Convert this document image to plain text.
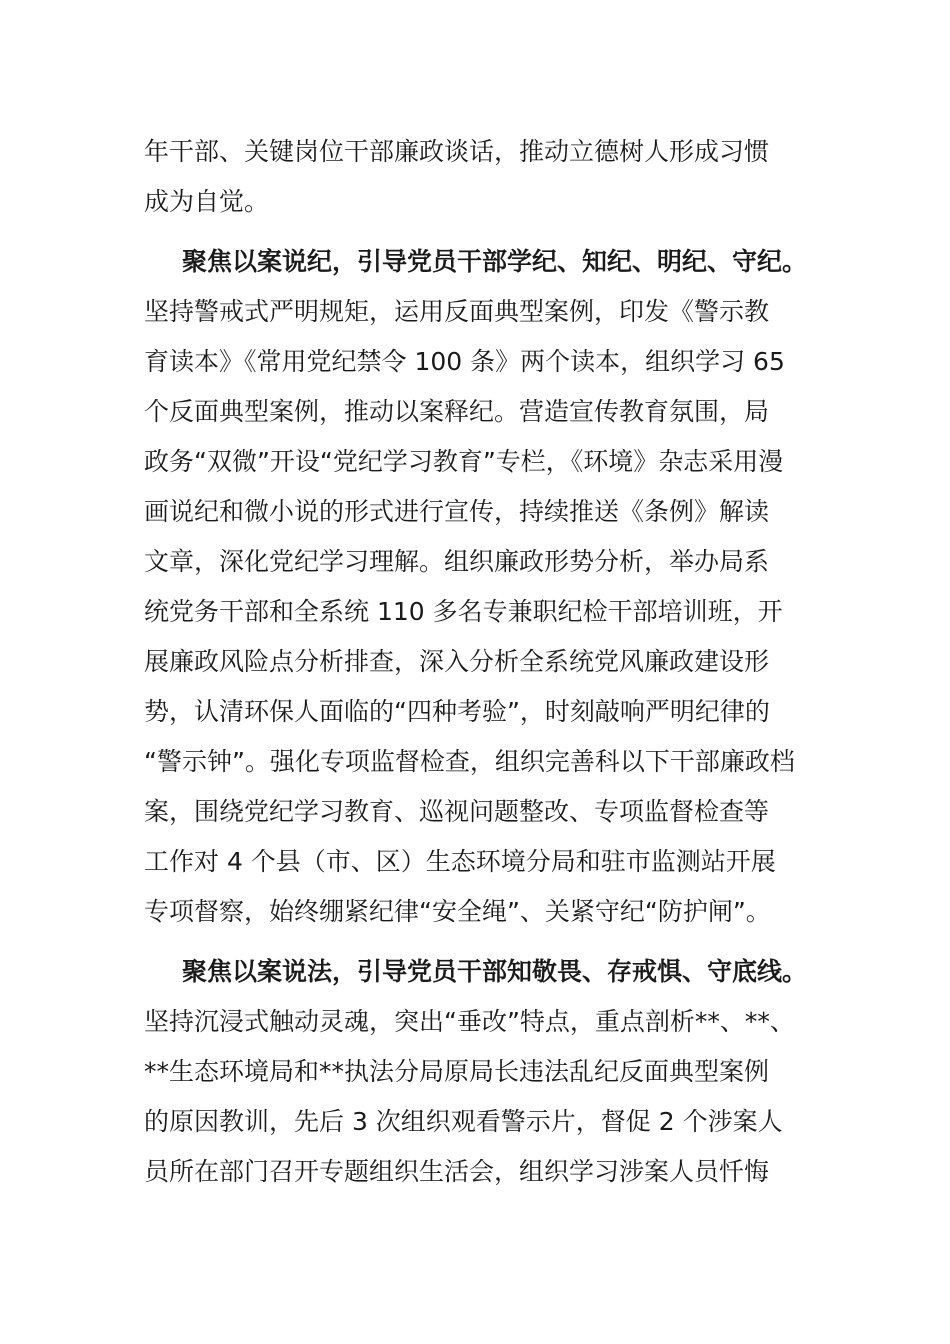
年干部、关键岗位干部廉政谈话，推动立德树人形成习惯
成为自觉。
聚焦以案说纪，引导党员干部学纪、知纪、明纪、守纪。
坚持警戒式严明规矩，运用反面典型案例，印发《警示教
育读本》《常用党纪禁令 100 条》两个读本，组织学习 65
个反面典型案例，推动以案释纪。营造宣传教育氛围，局
政务“双微”开设“党纪学习教育”专栏，《环境》杂志采用漫
画说纪和微小说的形式进行宣传，持续推送《条例》解读
文章，深化党纪学习理解。组织廉政形势分析，举办局系
统党务干部和全系统 110 多名专兼职纪检干部培训班，开
展廉政风险点分析排查，深入分析全系统党风廉政建设形
势，认清环保人面临的“四种考验”，时刻敲响严明纪律的
“警示钟”。强化专项监督检查，组织完善科以下干部廉政档
案，围绕党纪学习教育、巡视问题整改、专项监督检查等
工作对 4 个县（市、区）生态环境分局和驻市监测站开展
专项督察，始终绷紧纪律“安全绳”、关紧守纪“防护闸”。
聚焦以案说法，引导党员干部知敬畏、存戒惧、守底线。
坚持沉浸式触动灵魂，突出“垂改”特点，重点剖析**、**、
**生态环境局和**执法分局原局长违法乱纪反面典型案例
的原因教训，先后 3 次组织观看警示片，督促 2 个涉案人
员所在部门召开专题组织生活会，组织学习涉案人员忏悔
